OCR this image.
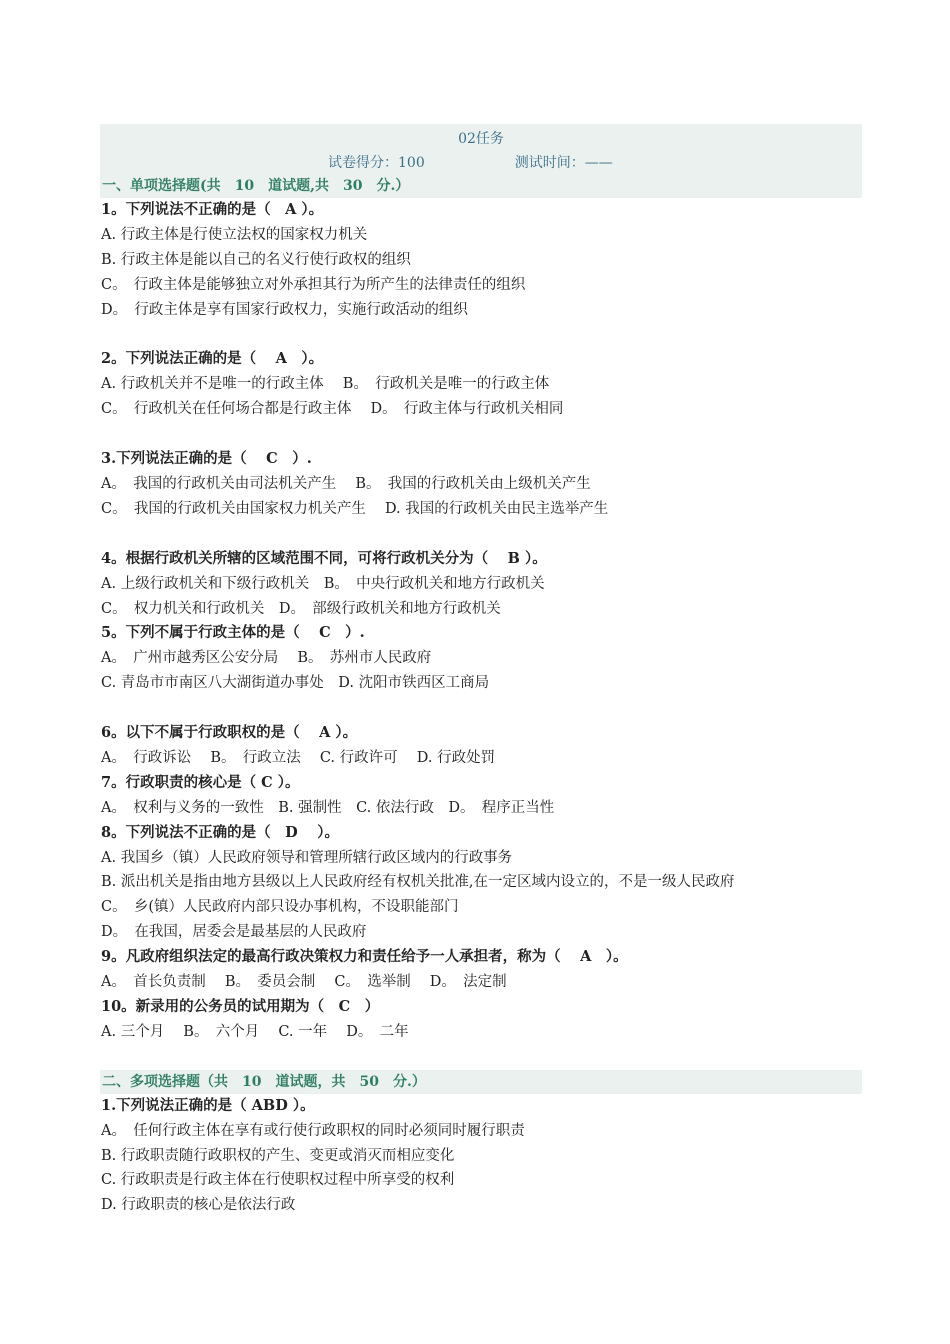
02任务
试卷得分：100	测试时间：——
一、单项选择题(共　10　道试题,共　30　分.）
1。下列说法不正确的是（　A ）。
A. 行政主体是行使立法权的国家权力机关
B. 行政主体是能以自己的名义行使行政权的组织
C。　行政主体是能够独立对外承担其行为所产生的法律责任的组织
D。　行政主体是享有国家行政权力，实施行政活动的组织
2。下列说法正确的是（　 A　）。
A. 行政机关并不是唯一的行政主体　 B。　行政机关是唯一的行政主体
C。　行政机关在任何场合都是行政主体　 D。　行政主体与行政机关相同
3.下列说法正确的是（　 C　）.
A。　我国的行政机关由司法机关产生　 B。　我国的行政机关由上级机关产生
C。　我国的行政机关由国家权力机关产生　 D. 我国的行政机关由民主选举产生
4。根据行政机关所辖的区域范围不同，可将行政机关分为（　 B ）。
A. 上级行政机关和下级行政机关　B。　中央行政机关和地方行政机关
C。　权力机关和行政机关　D。　部级行政机关和地方行政机关
5。下列不属于行政主体的是（　 C　）.
A。　广州市越秀区公安分局　 B。　苏州市人民政府
C. 青岛市市南区八大湖街道办事处　D. 沈阳市铁西区工商局
6。以下不属于行政职权的是（　 A ）。
A。　行政诉讼　 B。　行政立法　 C. 行政许可　 D. 行政处罚
7。行政职责的核心是（ C ）。
A。　权利与义务的一致性　B. 强制性　C. 依法行政　D。　程序正当性
8。下列说法不正确的是（　D　 ）。
A. 我国乡（镇）人民政府领导和管理所辖行政区域内的行政事务
B. 派出机关是指由地方县级以上人民政府经有权机关批准,在一定区域内设立的，不是一级人民政府
C。　乡(镇）人民政府内部只设办事机构，不设职能部门
D。　在我国，居委会是最基层的人民政府
9。凡政府组织法定的最高行政决策权力和责任给予一人承担者，称为（　 A　）。
A。　首长负责制　 B。　委员会制　 C。　选举制　 D。　法定制
10。新录用的公务员的试用期为（　C　）
A. 三个月　 B。　六个月　 C. 一年　 D。　二年
二、多项选择题（共　10　道试题，共　50　分.）
1.下列说法正确的是（ ABD ）。
A。　任何行政主体在享有或行使行政职权的同时必须同时履行职责
B. 行政职责随行政职权的产生、变更或消灭而相应变化
C. 行政职责是行政主体在行使职权过程中所享受的权利
D. 行政职责的核心是依法行政
